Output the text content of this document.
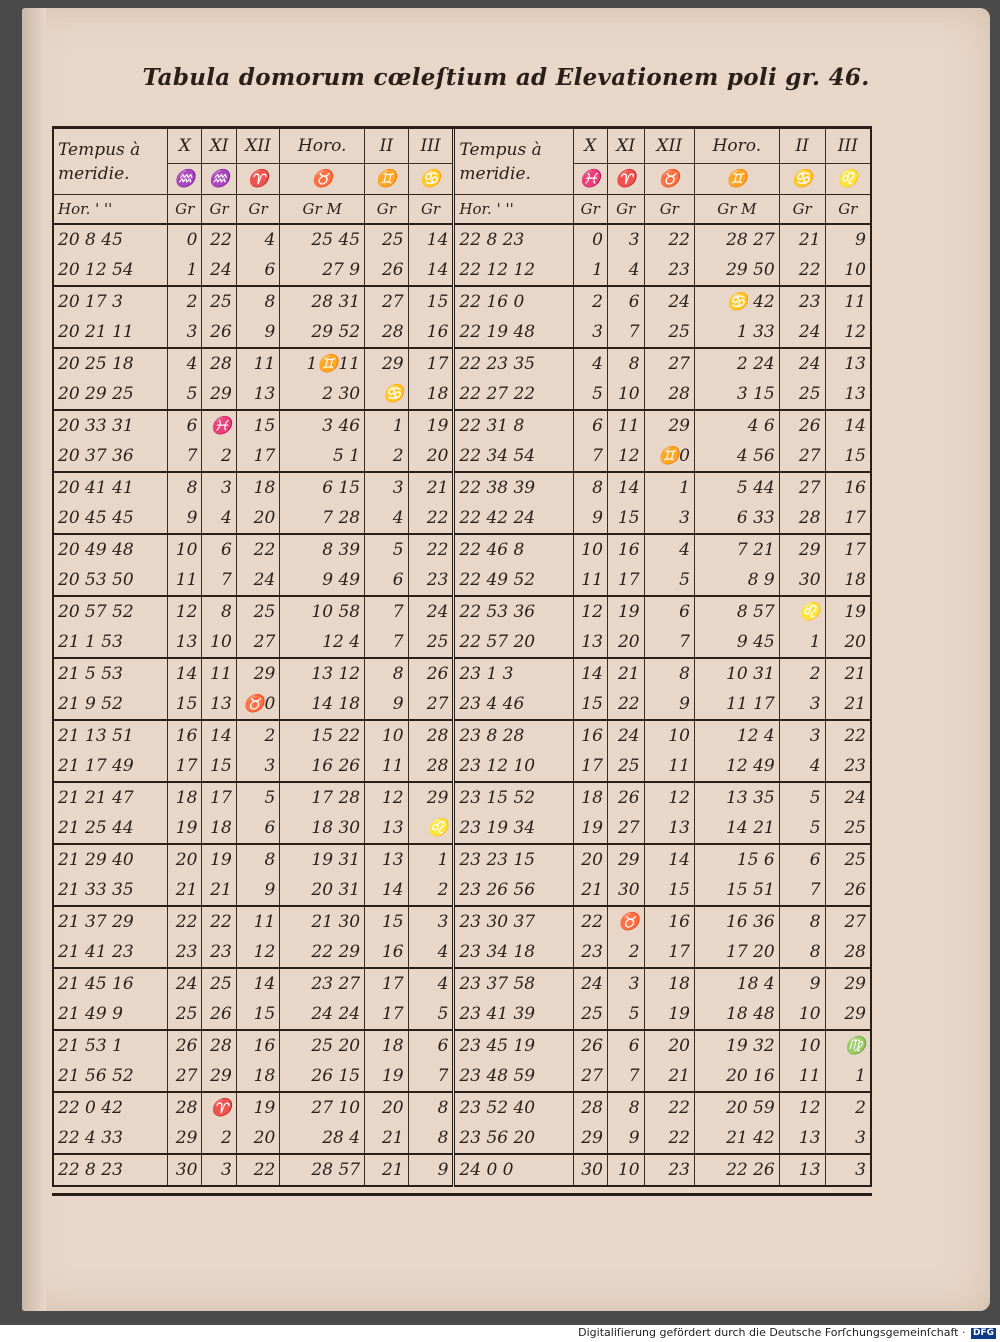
Tabula domorum cœleſtium ad Elevationem poli gr. 46.
Tempus à
meridie.	X	XI	XII	Horo.	II	III	Tempus à
meridie.	X	XI	XII	Horo.	II	III
	♒	♒	♈	♉	♊	♋		♓	♈	♉	♊	♋	♌
Hor. ' ''	Gr	Gr	Gr	Gr M	Gr	Gr	Hor. ' ''	Gr	Gr	Gr	Gr M	Gr	Gr
20 8 45	0	22	4	25 45	25	14	22 8 23	0	3	22	28 27	21	9
20 12 54	1	24	6	27 9	26	14	22 12 12	1	4	23	29 50	22	10
20 17 3	2	25	8	28 31	27	15	22 16 0	2	6	24	♋ 42	23	11
20 21 11	3	26	9	29 52	28	16	22 19 48	3	7	25	1 33	24	12
20 25 18	4	28	11	1♊11	29	17	22 23 35	4	8	27	2 24	24	13
20 29 25	5	29	13	2 30	♋	18	22 27 22	5	10	28	3 15	25	13
20 33 31	6	♓	15	3 46	1	19	22 31 8	6	11	29	4 6	26	14
20 37 36	7	2	17	5 1	2	20	22 34 54	7	12	♊0	4 56	27	15
20 41 41	8	3	18	6 15	3	21	22 38 39	8	14	1	5 44	27	16
20 45 45	9	4	20	7 28	4	22	22 42 24	9	15	3	6 33	28	17
20 49 48	10	6	22	8 39	5	22	22 46 8	10	16	4	7 21	29	17
20 53 50	11	7	24	9 49	6	23	22 49 52	11	17	5	8 9	30	18
20 57 52	12	8	25	10 58	7	24	22 53 36	12	19	6	8 57	♌	19
21 1 53	13	10	27	12 4	7	25	22 57 20	13	20	7	9 45	1	20
21 5 53	14	11	29	13 12	8	26	23 1 3	14	21	8	10 31	2	21
21 9 52	15	13	♉0	14 18	9	27	23 4 46	15	22	9	11 17	3	21
21 13 51	16	14	2	15 22	10	28	23 8 28	16	24	10	12 4	3	22
21 17 49	17	15	3	16 26	11	28	23 12 10	17	25	11	12 49	4	23
21 21 47	18	17	5	17 28	12	29	23 15 52	18	26	12	13 35	5	24
21 25 44	19	18	6	18 30	13	♌	23 19 34	19	27	13	14 21	5	25
21 29 40	20	19	8	19 31	13	1	23 23 15	20	29	14	15 6	6	25
21 33 35	21	21	9	20 31	14	2	23 26 56	21	30	15	15 51	7	26
21 37 29	22	22	11	21 30	15	3	23 30 37	22	♉	16	16 36	8	27
21 41 23	23	23	12	22 29	16	4	23 34 18	23	2	17	17 20	8	28
21 45 16	24	25	14	23 27	17	4	23 37 58	24	3	18	18 4	9	29
21 49 9	25	26	15	24 24	17	5	23 41 39	25	5	19	18 48	10	29
21 53 1	26	28	16	25 20	18	6	23 45 19	26	6	20	19 32	10	♍
21 56 52	27	29	18	26 15	19	7	23 48 59	27	7	21	20 16	11	1
22 0 42	28	♈	19	27 10	20	8	23 52 40	28	8	22	20 59	12	2
22 4 33	29	2	20	28 4	21	8	23 56 20	29	9	22	21 42	13	3
22 8 23	30	3	22	28 57	21	9	24 0 0	30	10	23	22 26	13	3
Digitaliſierung gefördert durch die Deutsche Forſchungsgemeinſchaft · DFG
